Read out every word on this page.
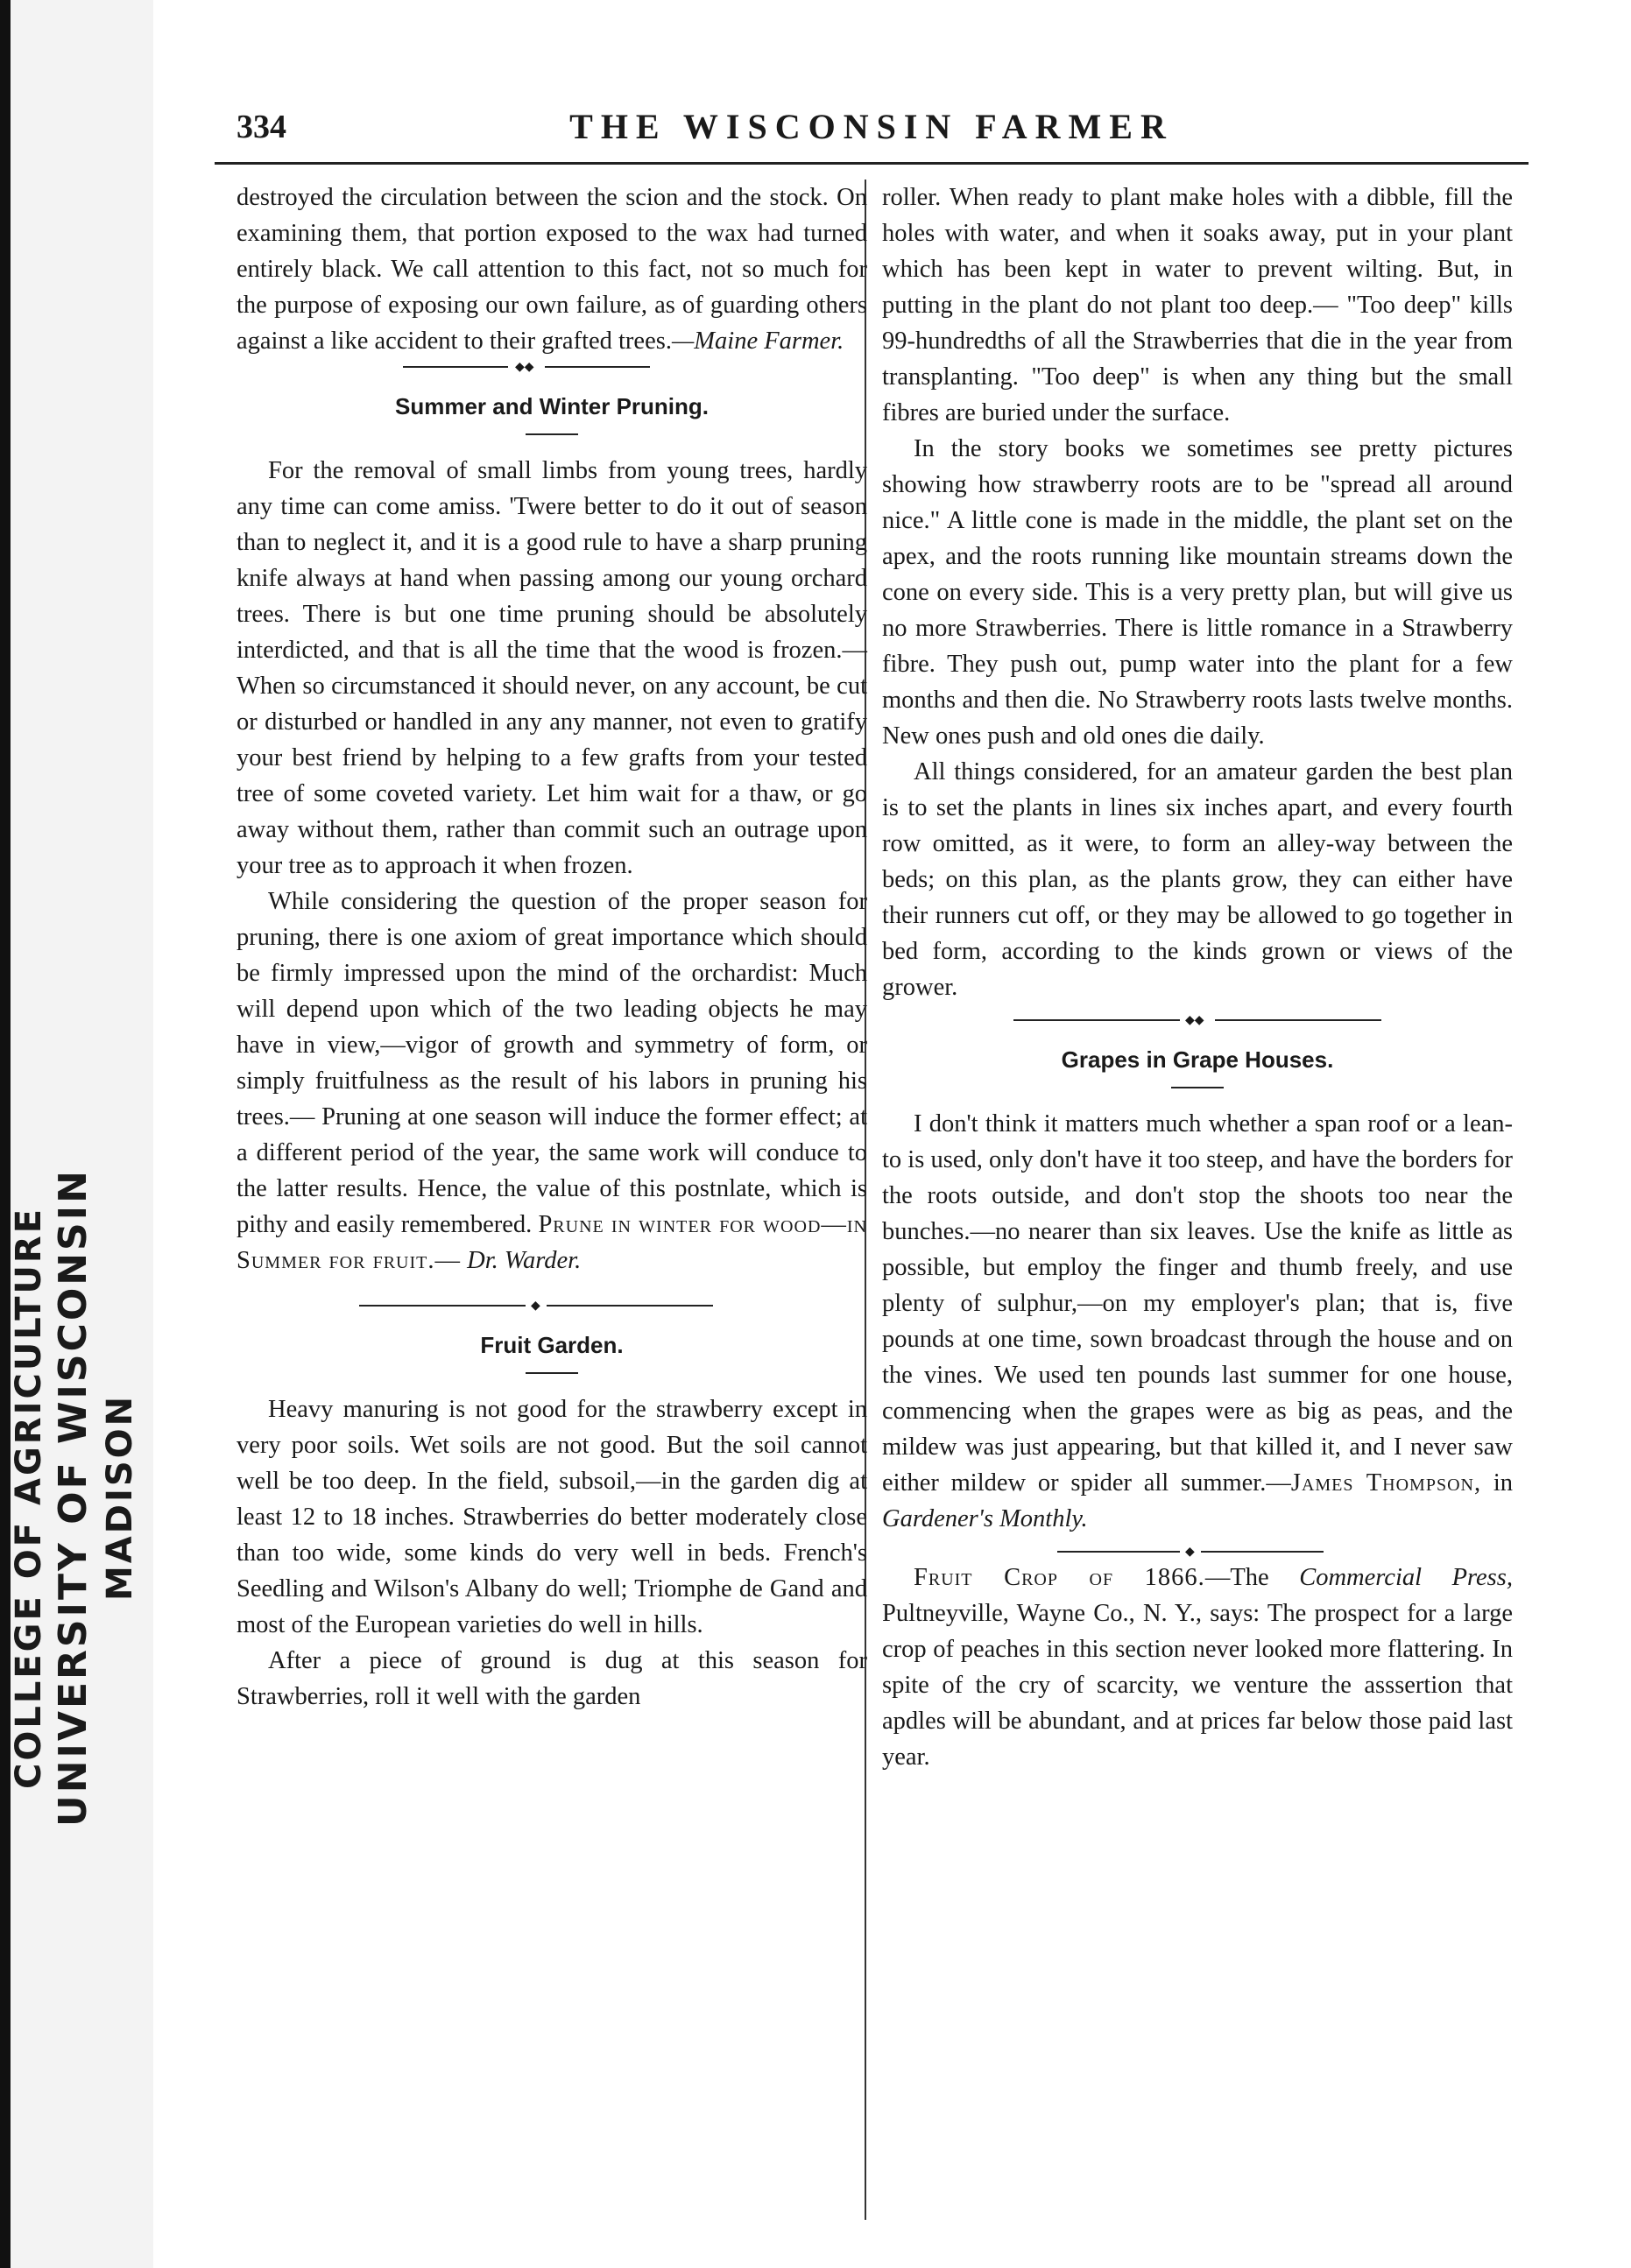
COLLEGE OF AGRICULTURE UNIVERSITY OF WISCONSIN MADISON
334	THE WISCONSIN FARMER

destroyed the circulation between the scion and the stock. On examining them, that portion exposed to the wax had turned entirely black. We call attention to this fact, not so much for the purpose of exposing our own failure, as of guarding others against a like accident to their grafted trees.—Maine Farmer.

◆◆
Summer and Winter Pruning.

For the removal of small limbs from young trees, hardly any time can come amiss. 'Twere better to do it out of season than to neglect it, and it is a good rule to have a sharp pruning knife always at hand when passing among our young orchard trees. There is but one time pruning should be absolutely interdicted, and that is all the time that the wood is frozen.— When so circumstanced it should never, on any account, be cut or disturbed or handled in any any manner, not even to gratify your best friend by helping to a few grafts from your tested tree of some coveted variety. Let him wait for a thaw, or go away without them, rather than commit such an outrage upon your tree as to approach it when frozen.

While considering the question of the proper season for pruning, there is one axiom of great importance which should be firmly impressed upon the mind of the orchardist: Much will depend upon which of the two leading objects he may have in view,—vigor of growth and symmetry of form, or simply fruitfulness as the result of his labors in pruning his trees.— Pruning at one season will induce the former effect; at a different period of the year, the same work will conduce to the latter results. Hence, the value of this postnlate, which is pithy and easily remembered. Prune in winter for wood—in Summer for fruit.— Dr. Warder.

◆
Fruit Garden.

Heavy manuring is not good for the strawberry except in very poor soils. Wet soils are not good. But the soil cannot well be too deep. In the field, subsoil,—in the garden dig at least 12 to 18 inches. Strawberries do better moderately close than too wide, some kinds do very well in beds. French's Seedling and Wilson's Albany do well; Triomphe de Gand and most of the European varieties do well in hills.

After a piece of ground is dug at this season for Strawberries, roll it well with the garden

roller. When ready to plant make holes with a dibble, fill the holes with water, and when it soaks away, put in your plant which has been kept in water to prevent wilting. But, in putting in the plant do not plant too deep.— "Too deep" kills 99-hundredths of all the Strawberries that die in the year from transplanting. "Too deep" is when any thing but the small fibres are buried under the surface.

In the story books we sometimes see pretty pictures showing how strawberry roots are to be "spread all around nice." A little cone is made in the middle, the plant set on the apex, and the roots running like mountain streams down the cone on every side. This is a very pretty plan, but will give us no more Strawberries. There is little romance in a Strawberry fibre. They push out, pump water into the plant for a few months and then die. No Strawberry roots lasts twelve months. New ones push and old ones die daily.

All things considered, for an amateur garden the best plan is to set the plants in lines six inches apart, and every fourth row omitted, as it were, to form an alley-way between the beds; on this plan, as the plants grow, they can either have their runners cut off, or they may be allowed to go together in bed form, according to the kinds grown or views of the grower.

◆◆
Grapes in Grape Houses.

I don't think it matters much whether a span roof or a lean-to is used, only don't have it too steep, and have the borders for the roots outside, and don't stop the shoots too near the bunches.—no nearer than six leaves. Use the knife as little as possible, but employ the finger and thumb freely, and use plenty of sulphur,—on my employer's plan; that is, five pounds at one time, sown broadcast through the house and on the vines. We used ten pounds last summer for one house, commencing when the grapes were as big as peas, and the mildew was just appearing, but that killed it, and I never saw either mildew or spider all summer.—James Thompson, in Gardener's Monthly.

◆

Fruit Crop of 1866.—The Commercial Press, Pultneyville, Wayne Co., N. Y., says: The prospect for a large crop of peaches in this section never looked more flattering. In spite of the cry of scarcity, we venture the asssertion that apdles will be abundant, and at prices far below those paid last year.
